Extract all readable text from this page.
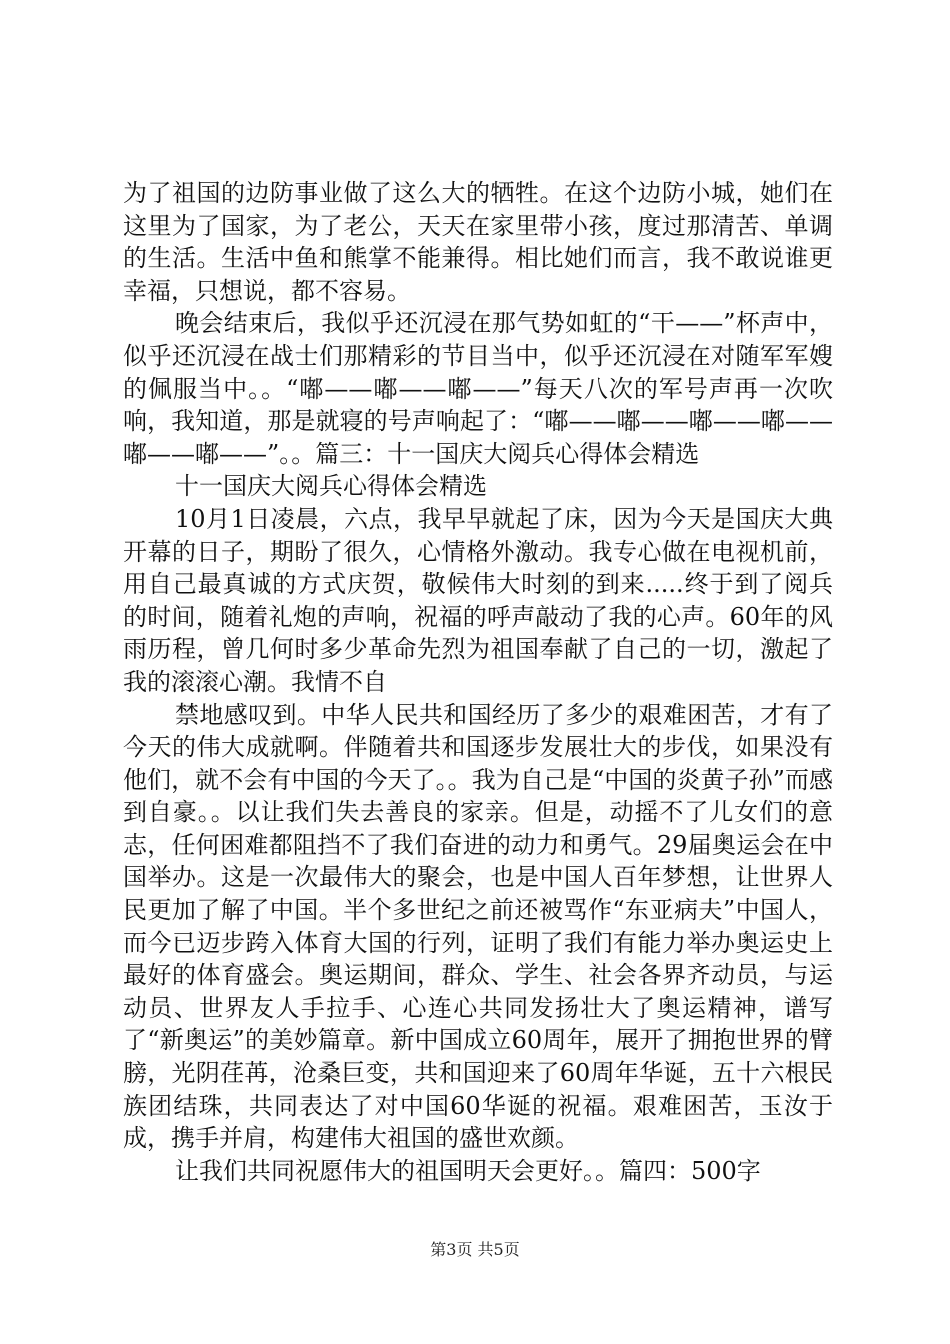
为了祖国的边防事业做了这么大的牺牲。在这个边防小城，她们在这里为了国家，为了老公，天天在家里带小孩，度过那清苦、单调的生活。生活中鱼和熊掌不能兼得。相比她们而言，我不敢说谁更幸福，只想说，都不容易。

晚会结束后，我似乎还沉浸在那气势如虹的“干——”杯声中，似乎还沉浸在战士们那精彩的节目当中，似乎还沉浸在对随军军嫂的佩服当中。。“嘟——嘟——嘟——”每天八次的军号声再一次吹响，我知道，那是就寝的号声响起了：“嘟——嘟——嘟——嘟——嘟——嘟——”。。篇三：十一国庆大阅兵心得体会精选

十一国庆大阅兵心得体会精选

10月1日凌晨，六点，我早早就起了床，因为今天是国庆大典开幕的日子，期盼了很久，心情格外激动。我专心做在电视机前，用自己最真诚的方式庆贺，敬候伟大时刻的到来.....终于到了阅兵的时间，随着礼炮的声响，祝福的呼声敲动了我的心声。60年的风雨历程，曾几何时多少革命先烈为祖国奉献了自己的一切，激起了我的滚滚心潮。我情不自

禁地感叹到。中华人民共和国经历了多少的艰难困苦，才有了今天的伟大成就啊。伴随着共和国逐步发展壮大的步伐，如果没有他们，就不会有中国的今天了。。我为自己是“中国的炎黄子孙”而感到自豪。。以让我们失去善良的家亲。但是，动摇不了儿女们的意志，任何困难都阻挡不了我们奋进的动力和勇气。29届奥运会在中国举办。这是一次最伟大的聚会，也是中国人百年梦想，让世界人民更加了解了中国。半个多世纪之前还被骂作“东亚病夫”中国人，而今已迈步跨入体育大国的行列，证明了我们有能力举办奥运史上最好的体育盛会。奥运期间，群众、学生、社会各界齐动员，与运动员、世界友人手拉手、心连心共同发扬壮大了奥运精神，谱写了“新奥运”的美妙篇章。新中国成立60周年，展开了拥抱世界的臂膀，光阴荏苒，沧桑巨变，共和国迎来了60周年华诞，五十六根民族团结珠，共同表达了对中国60华诞的祝福。艰难困苦，玉汝于成，携手并肩，构建伟大祖国的盛世欢颜。

让我们共同祝愿伟大的祖国明天会更好。。篇四：500字

第3页 共5页
